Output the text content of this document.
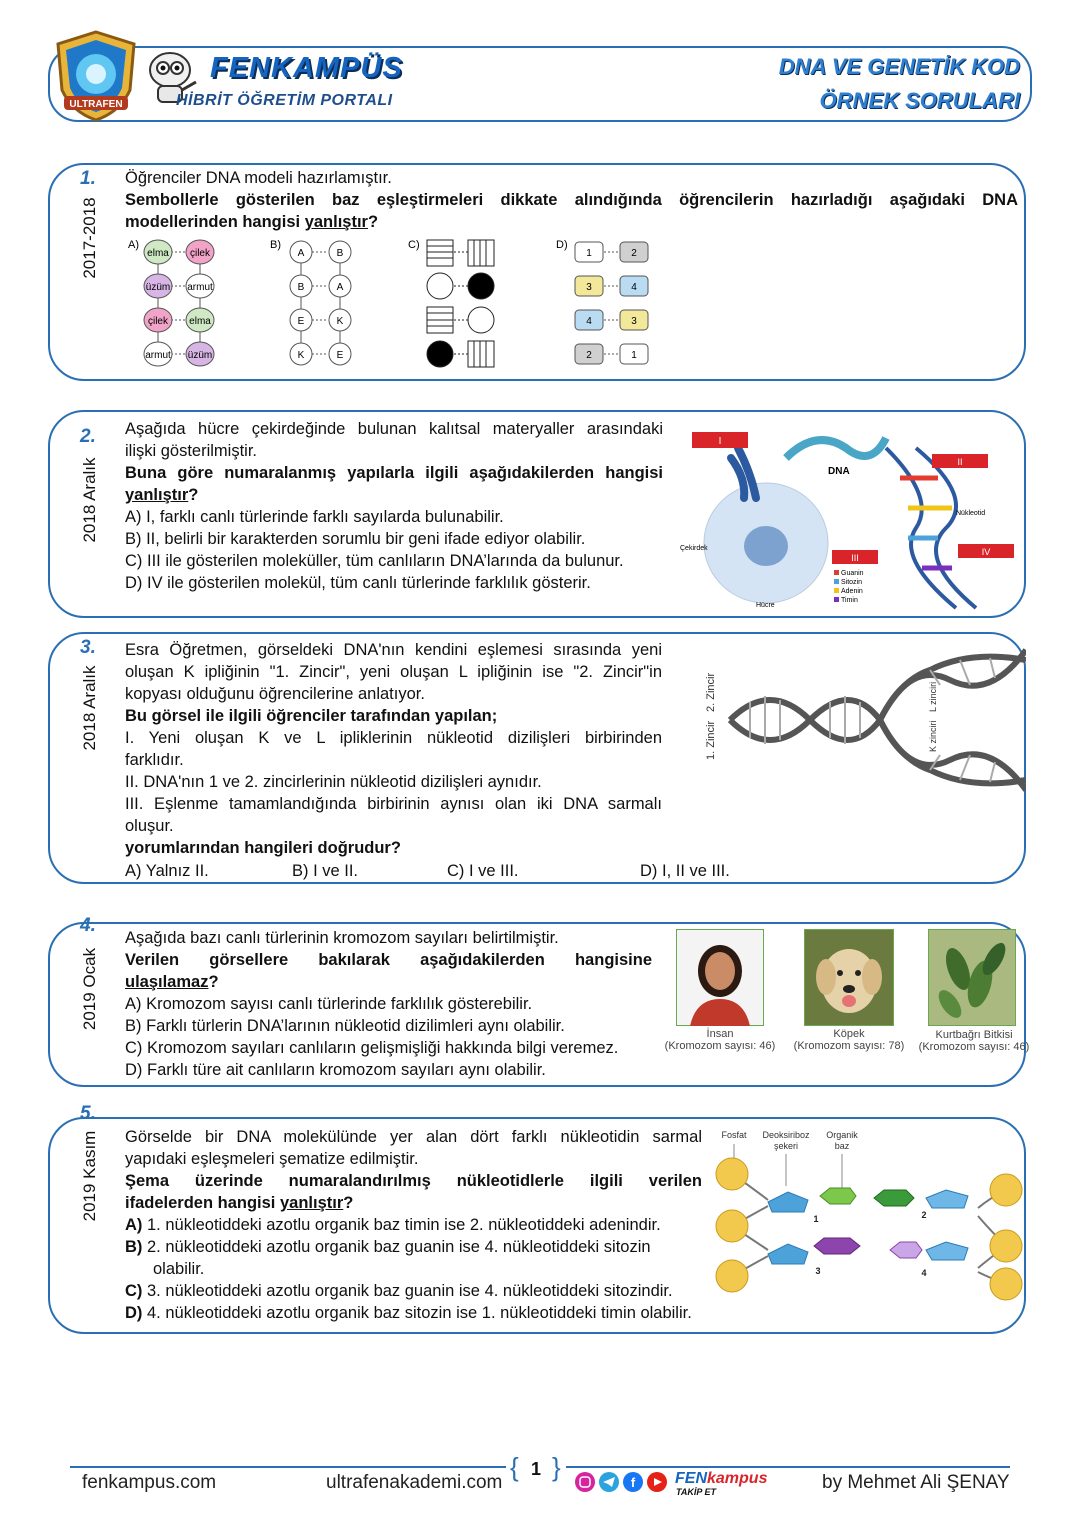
ULTRAFEN
FENKAMPÜS
HİBRİT ÖĞRETİM PORTALI
DNA VE GENETİK KOD
ÖRNEK SORULARI
1.
2017-2018

Öğrenciler DNA modeli hazırlamıştır.

Sembollerle gösterilen baz eşleştirmeleri dikkate alındığında öğrencilerin hazırladığı aşağıdaki DNA

modellerinden hangisi yanlıştır?

A)
elma çilek
üzüm armut
çilek elma
armut üzüm
B)
A	B
B	A
E	K
K	E
C)	D)
1	2
3	4
4	3
2	1
2.
2018 Aralık

Aşağıda hücre çekirdeğinde bulunan kalıtsal materyaller arasındaki

ilişki gösterilmiştir.

Buna göre numaralanmış yapılarla ilgili aşağıdakilerden hangisi

yanlıştır?

A) I, farklı canlı türlerinde farklı sayılarda bulunabilir.

B) II, belirli bir karakterden sorumlu bir geni ifade ediyor olabilir.

C) III ile gösterilen moleküller, tüm canlıların DNA’larında da bulunur.

D) IV ile gösterilen molekül, tüm canlı türlerinde farklılık gösterir.

I
DNA
II
Nükleotid
IV
III
Guanin
Sitozin
Adenin
Timin
Çekirdek
Hücre
3.
2018 Aralık

Esra Öğretmen, görseldeki DNA'nın kendini eşlemesi sırasında yeni

oluşan K ipliğinin "1. Zincir", yeni oluşan L ipliğinin ise "2. Zincir"in

kopyası olduğunu öğrencilerine anlatıyor.

Bu görsel ile ilgili öğrenciler tarafından yapılan;

I. Yeni oluşan K ve L ipliklerinin nükleotid dizilişleri birbirinden

farklıdır.

II. DNA'nın 1 ve 2. zincirlerinin nükleotid dizilişleri aynıdır.

III. Eşlenme tamamlandığında birbirinin aynısı olan iki DNA sarmalı

oluşur.

yorumlarından hangileri doğrudur?

A) Yalnız II.	B) I ve II.	C) I ve III.	D) I, II ve III.
2. Zincir
1. Zincir
L zinciri
K zinciri
4.
2019 Ocak

Aşağıda bazı canlı türlerinin kromozom sayıları belirtilmiştir.

Verilen görsellere bakılarak aşağıdakilerden hangisine

ulaşılamaz?

A) Kromozom sayısı canlı türlerinde farklılık gösterebilir.

B) Farklı türlerin DNA’larının nükleotid dizilimleri aynı olabilir.

C) Kromozom sayıları canlıların gelişmişliği hakkında bilgi veremez.

D) Farklı türe ait canlıların kromozom sayıları aynı olabilir.

İnsan
(Kromozom sayısı: 46)
Köpek
(Kromozom sayısı: 78)
Kurtbağrı Bitkisi
(Kromozom sayısı: 46)
5.
2019 Kasım Görselde bir DNA molekülünde yer alan dört farklı nükleotidin sarmal

yapıdaki eşleşmeleri şematize edilmiştir.

Şema üzerinde numaralandırılmış nükleotidlerle ilgili verilen

ifadelerden hangisi yanlıştır?

A) 1. nükleotiddeki azotlu organik baz timin ise 2. nükleotiddeki adenindir.

B) 2. nükleotiddeki azotlu organik baz guanin ise 4. nükleotiddeki sitozin

olabilir.

C) 3. nükleotiddeki azotlu organik baz guanin ise 4. nükleotiddeki sitozindir.

D) 4. nükleotiddeki azotlu organik baz sitozin ise 1. nükleotiddeki timin olabilir.

Fosfat Deoksiriboz
şekeri
Organik
baz
1	2
3	4
fenkampus.com	ultrafenakademi.com
{ 1 }
f FENkampus
TAKİP ET	by Mehmet Ali ŞENAY
